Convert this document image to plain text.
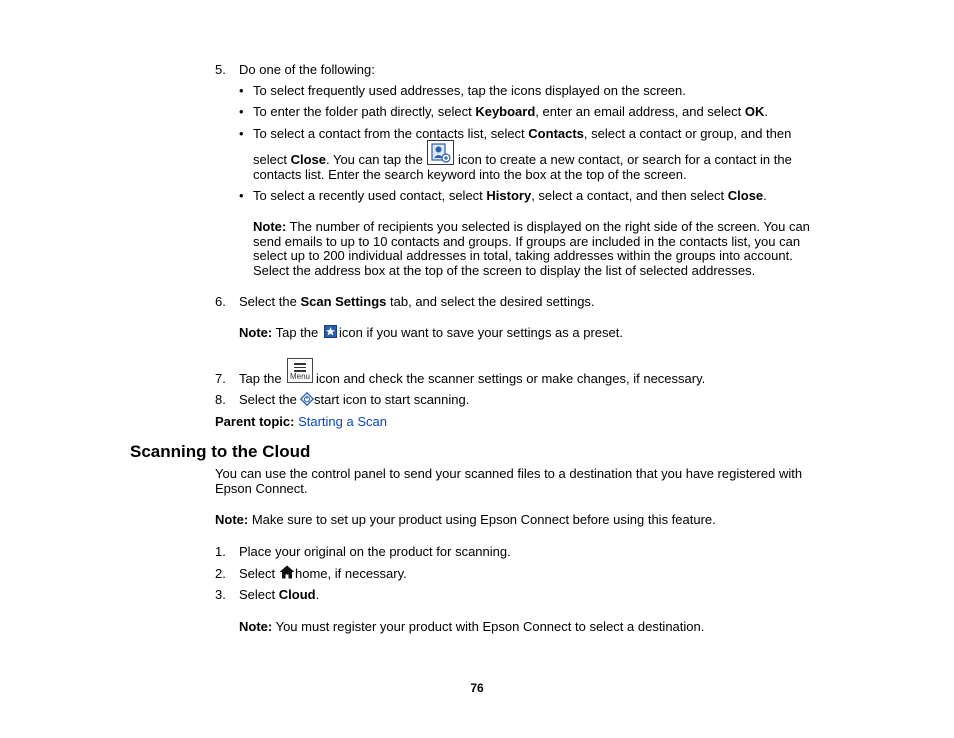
5.	Do one of the following:
• To select frequently used addresses, tap the icons displayed on the screen.
• To enter the folder path directly, select Keyboard, enter an email address, and select OK.
• To select a contact from the contacts list, select Contacts, select a contact or group, and then
select Close. You can tap the	icon to create a new contact, or search for a contact in the
contacts list. Enter the search keyword into the box at the top of the screen.
• To select a recently used contact, select History, select a contact, and then select Close.
Note: The number of recipients you selected is displayed on the right side of the screen. You can
send emails to up to 10 contacts and groups. If groups are included in the contacts list, you can
select up to 200 individual addresses in total, taking addresses within the groups into account.
Select the address box at the top of the screen to display the list of selected addresses.
6.	Select the Scan Settings tab, and select the desired settings.
Note: Tap the icon if you want to save your settings as a preset.
7.	Tap the Menu icon and check the scanner settings or make changes, if necessary.
8.	Select the start icon to start scanning.
Parent topic: Starting a Scan
Scanning to the Cloud
You can use the control panel to send your scanned files to a destination that you have registered with
Epson Connect.
Note: Make sure to set up your product using Epson Connect before using this feature.
1.	Place your original on the product for scanning.
2.	Select home, if necessary.
3.	Select Cloud.
Note: You must register your product with Epson Connect to select a destination.
76
